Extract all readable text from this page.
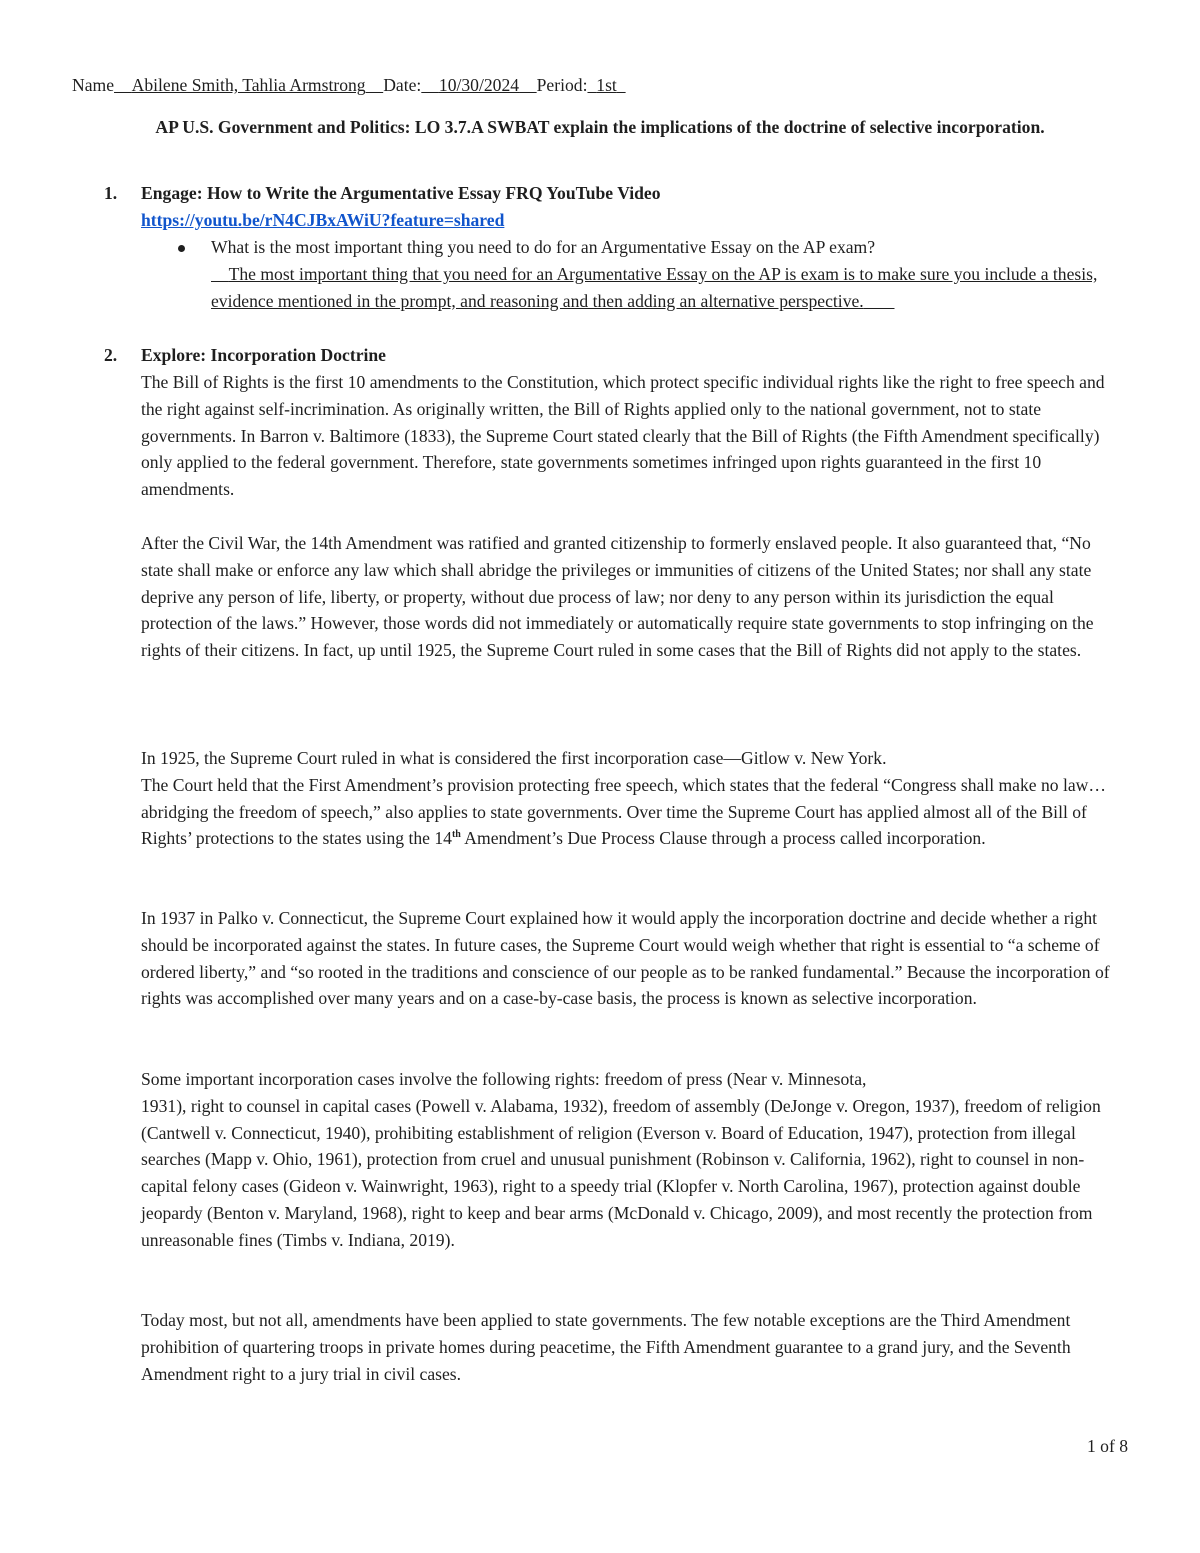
Name Abilene Smith, Tahlia Armstrong Date: 10/30/2024 Period: 1st
AP U.S. Government and Politics: LO 3.7.A SWBAT explain the implications of the doctrine of selective incorporation.
1. Engage: How to Write the Argumentative Essay FRQ YouTube Video
https://youtu.be/rN4CJBxAWiU?feature=shared
What is the most important thing you need to do for an Argumentative Essay on the AP exam?
The most important thing that you need for an Argumentative Essay on the AP is exam is to make sure you include a thesis, evidence mentioned in the prompt, and reasoning and then adding an alternative perspective.
2. Explore: Incorporation Doctrine
The Bill of Rights is the first 10 amendments to the Constitution, which protect specific individual rights like the right to free speech and the right against self-incrimination. As originally written, the Bill of Rights applied only to the national government, not to state governments. In Barron v. Baltimore (1833), the Supreme Court stated clearly that the Bill of Rights (the Fifth Amendment specifically) only applied to the federal government. Therefore, state governments sometimes infringed upon rights guaranteed in the first 10 amendments.
After the Civil War, the 14th Amendment was ratified and granted citizenship to formerly enslaved people. It also guaranteed that, “No state shall make or enforce any law which shall abridge the privileges or immunities of citizens of the United States; nor shall any state deprive any person of life, liberty, or property, without due process of law; nor deny to any person within its jurisdiction the equal protection of the laws.” However, those words did not immediately or automatically require state governments to stop infringing on the rights of their citizens. In fact, up until 1925, the Supreme Court ruled in some cases that the Bill of Rights did not apply to the states.
In 1925, the Supreme Court ruled in what is considered the first incorporation case—Gitlow v. New York.
The Court held that the First Amendment’s provision protecting free speech, which states that the federal “Congress shall make no law… abridging the freedom of speech,” also applies to state governments. Over time the Supreme Court has applied almost all of the Bill of Rights’ protections to the states using the 14th Amendment’s Due Process Clause through a process called incorporation.
In 1937 in Palko v. Connecticut, the Supreme Court explained how it would apply the incorporation doctrine and decide whether a right should be incorporated against the states. In future cases, the Supreme Court would weigh whether that right is essential to “a scheme of ordered liberty,” and “so rooted in the traditions and conscience of our people as to be ranked fundamental.” Because the incorporation of rights was accomplished over many years and on a case-by-case basis, the process is known as selective incorporation.
Some important incorporation cases involve the following rights: freedom of press (Near v. Minnesota,
1931), right to counsel in capital cases (Powell v. Alabama, 1932), freedom of assembly (DeJonge v. Oregon, 1937), freedom of religion (Cantwell v. Connecticut, 1940), prohibiting establishment of religion (Everson v. Board of Education, 1947), protection from illegal searches (Mapp v. Ohio, 1961), protection from cruel and unusual punishment (Robinson v. California, 1962), right to counsel in non-capital felony cases (Gideon v. Wainwright, 1963), right to a speedy trial (Klopfer v. North Carolina, 1967), protection against double jeopardy (Benton v. Maryland, 1968), right to keep and bear arms (McDonald v. Chicago, 2009), and most recently the protection from unreasonable fines (Timbs v. Indiana, 2019).
Today most, but not all, amendments have been applied to state governments. The few notable exceptions are the Third Amendment prohibition of quartering troops in private homes during peacetime, the Fifth Amendment guarantee to a grand jury, and the Seventh Amendment right to a jury trial in civil cases.
1 of 8
